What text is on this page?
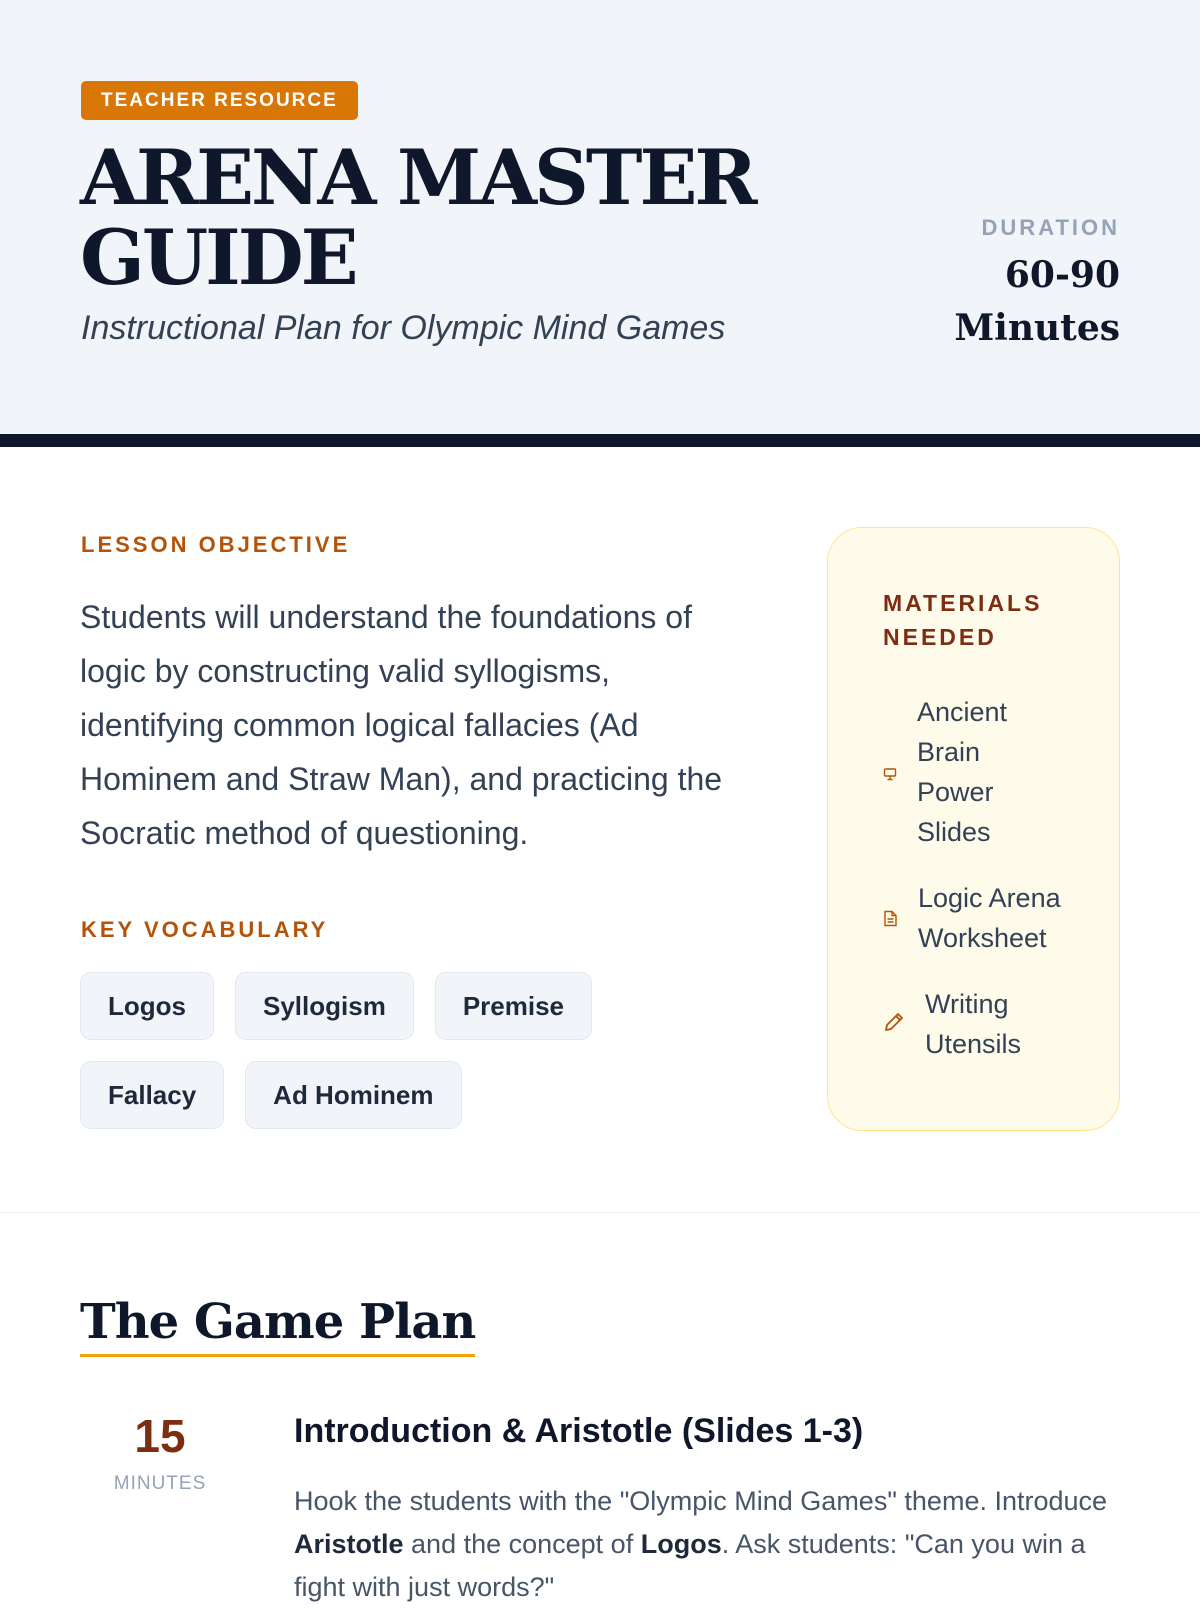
TEACHER RESOURCE
ARENA MASTER
GUIDE
Instructional Plan for Olympic Mind Games
DURATION
60-90
Minutes
LESSON OBJECTIVE
Students will understand the foundations of logic by constructing valid syllogisms, identifying common logical fallacies (Ad Hominem and Straw Man), and practicing the Socratic method of questioning.
KEY VOCABULARY
Logos	Syllogism	Premise
Fallacy	Ad Hominem
MATERIALS
NEEDED
Ancient Brain Power Slides
Logic Arena Worksheet
Writing Utensils
The Game Plan
15
MINUTES
Introduction & Aristotle (Slides 1-3)
Hook the students with the "Olympic Mind Games" theme. Introduce Aristotle and the concept of Logos. Ask students: "Can you win a fight with just words?"
